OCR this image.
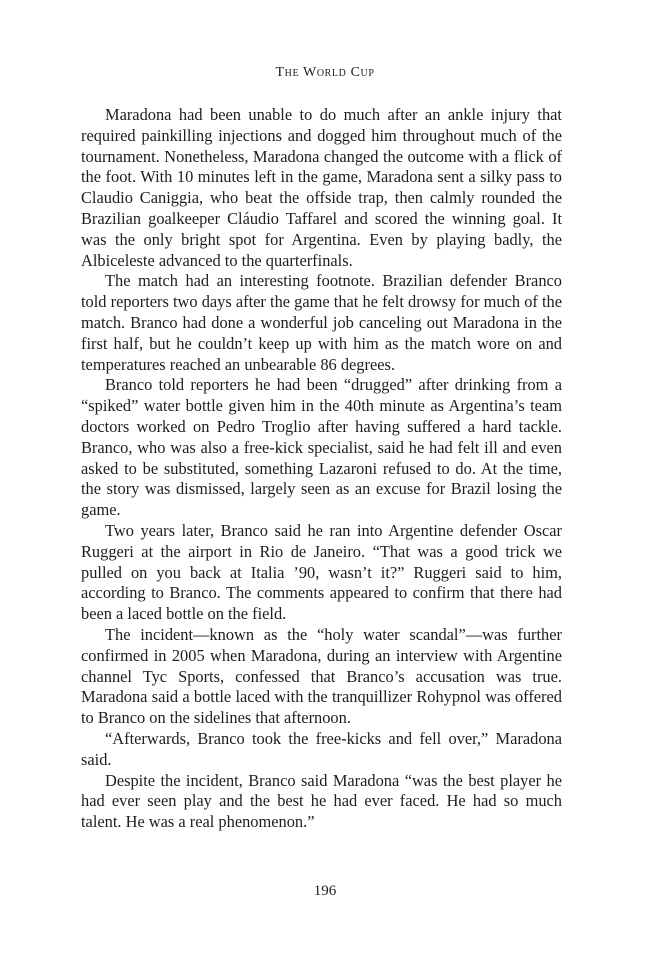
The World Cup

Maradona had been unable to do much after an ankle injury that required painkilling injections and dogged him throughout much of the tournament. Nonetheless, Maradona changed the outcome with a flick of the foot. With 10 minutes left in the game, Maradona sent a silky pass to Claudio Caniggia, who beat the offside trap, then calmly rounded the Brazilian goalkeeper Cláudio Taffarel and scored the winning goal. It was the only bright spot for Argentina. Even by playing badly, the Albiceleste advanced to the quarterfinals.

The match had an interesting footnote. Brazilian defender Branco told reporters two days after the game that he felt drowsy for much of the match. Branco had done a wonderful job canceling out Maradona in the first half, but he couldn’t keep up with him as the match wore on and temperatures reached an unbearable 86 degrees.

Branco told reporters he had been “drugged” after drinking from a “spiked” water bottle given him in the 40th minute as Argentina’s team doctors worked on Pedro Troglio after having suffered a hard tackle. Branco, who was also a free-kick specialist, said he had felt ill and even asked to be substituted, something Lazaroni refused to do. At the time, the story was dismissed, largely seen as an excuse for Brazil losing the game.

Two years later, Branco said he ran into Argentine defender Oscar Ruggeri at the airport in Rio de Janeiro. “That was a good trick we pulled on you back at Italia ’90, wasn’t it?” Ruggeri said to him, according to Branco. The comments appeared to confirm that there had been a laced bottle on the field.

The incident—known as the “holy water scandal”—was further confirmed in 2005 when Maradona, during an interview with Argentine channel Tyc Sports, confessed that Branco’s accusation was true. Maradona said a bottle laced with the tranquillizer Rohypnol was offered to Branco on the sidelines that afternoon.

“Afterwards, Branco took the free-kicks and fell over,” Maradona said.

Despite the incident, Branco said Maradona “was the best player he had ever seen play and the best he had ever faced. He had so much talent. He was a real phenomenon.”

196
